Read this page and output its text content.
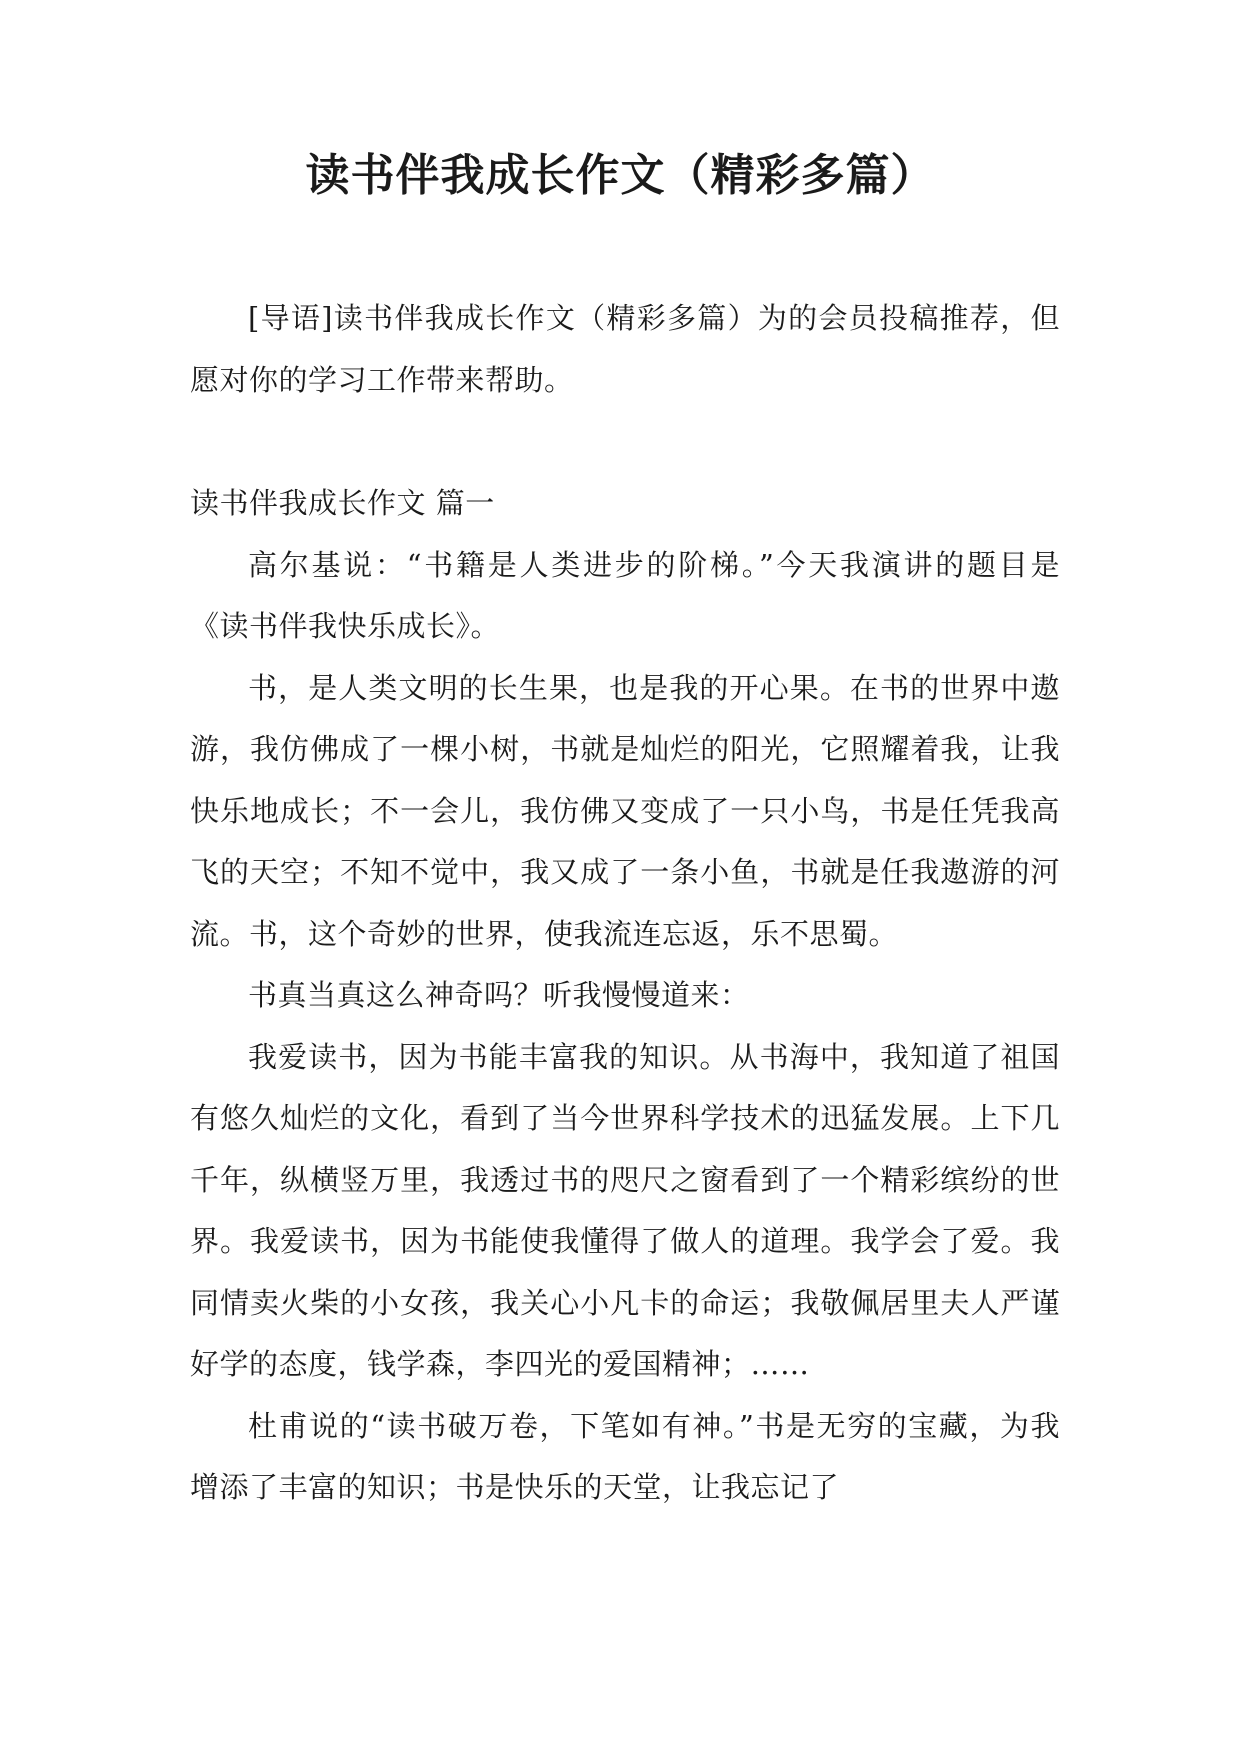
读书伴我成长作文（精彩多篇）

[导语]读书伴我成长作文（精彩多篇）为的会员投稿推荐，但愿对你的学习工作带来帮助。

读书伴我成长作文 篇一

高尔基说：“书籍是人类进步的阶梯。”今天我演讲的题目是《读书伴我快乐成长》。

书，是人类文明的长生果，也是我的开心果。在书的世界中遨游，我仿佛成了一棵小树，书就是灿烂的阳光，它照耀着我，让我快乐地成长；不一会儿，我仿佛又变成了一只小鸟，书是任凭我高飞的天空；不知不觉中，我又成了一条小鱼，书就是任我遨游的河流。书，这个奇妙的世界，使我流连忘返，乐不思蜀。

书真当真这么神奇吗？听我慢慢道来：

我爱读书，因为书能丰富我的知识。从书海中，我知道了祖国有悠久灿烂的文化，看到了当今世界科学技术的迅猛发展。上下几千年，纵横竖万里，我透过书的咫尺之窗看到了一个精彩缤纷的世界。我爱读书，因为书能使我懂得了做人的道理。我学会了爱。我同情卖火柴的小女孩，我关心小凡卡的命运；我敬佩居里夫人严谨好学的态度，钱学森，李四光的爱国精神；……

杜甫说的“读书破万卷，下笔如有神。”书是无穷的宝藏，为我增添了丰富的知识；书是快乐的天堂，让我忘记了
